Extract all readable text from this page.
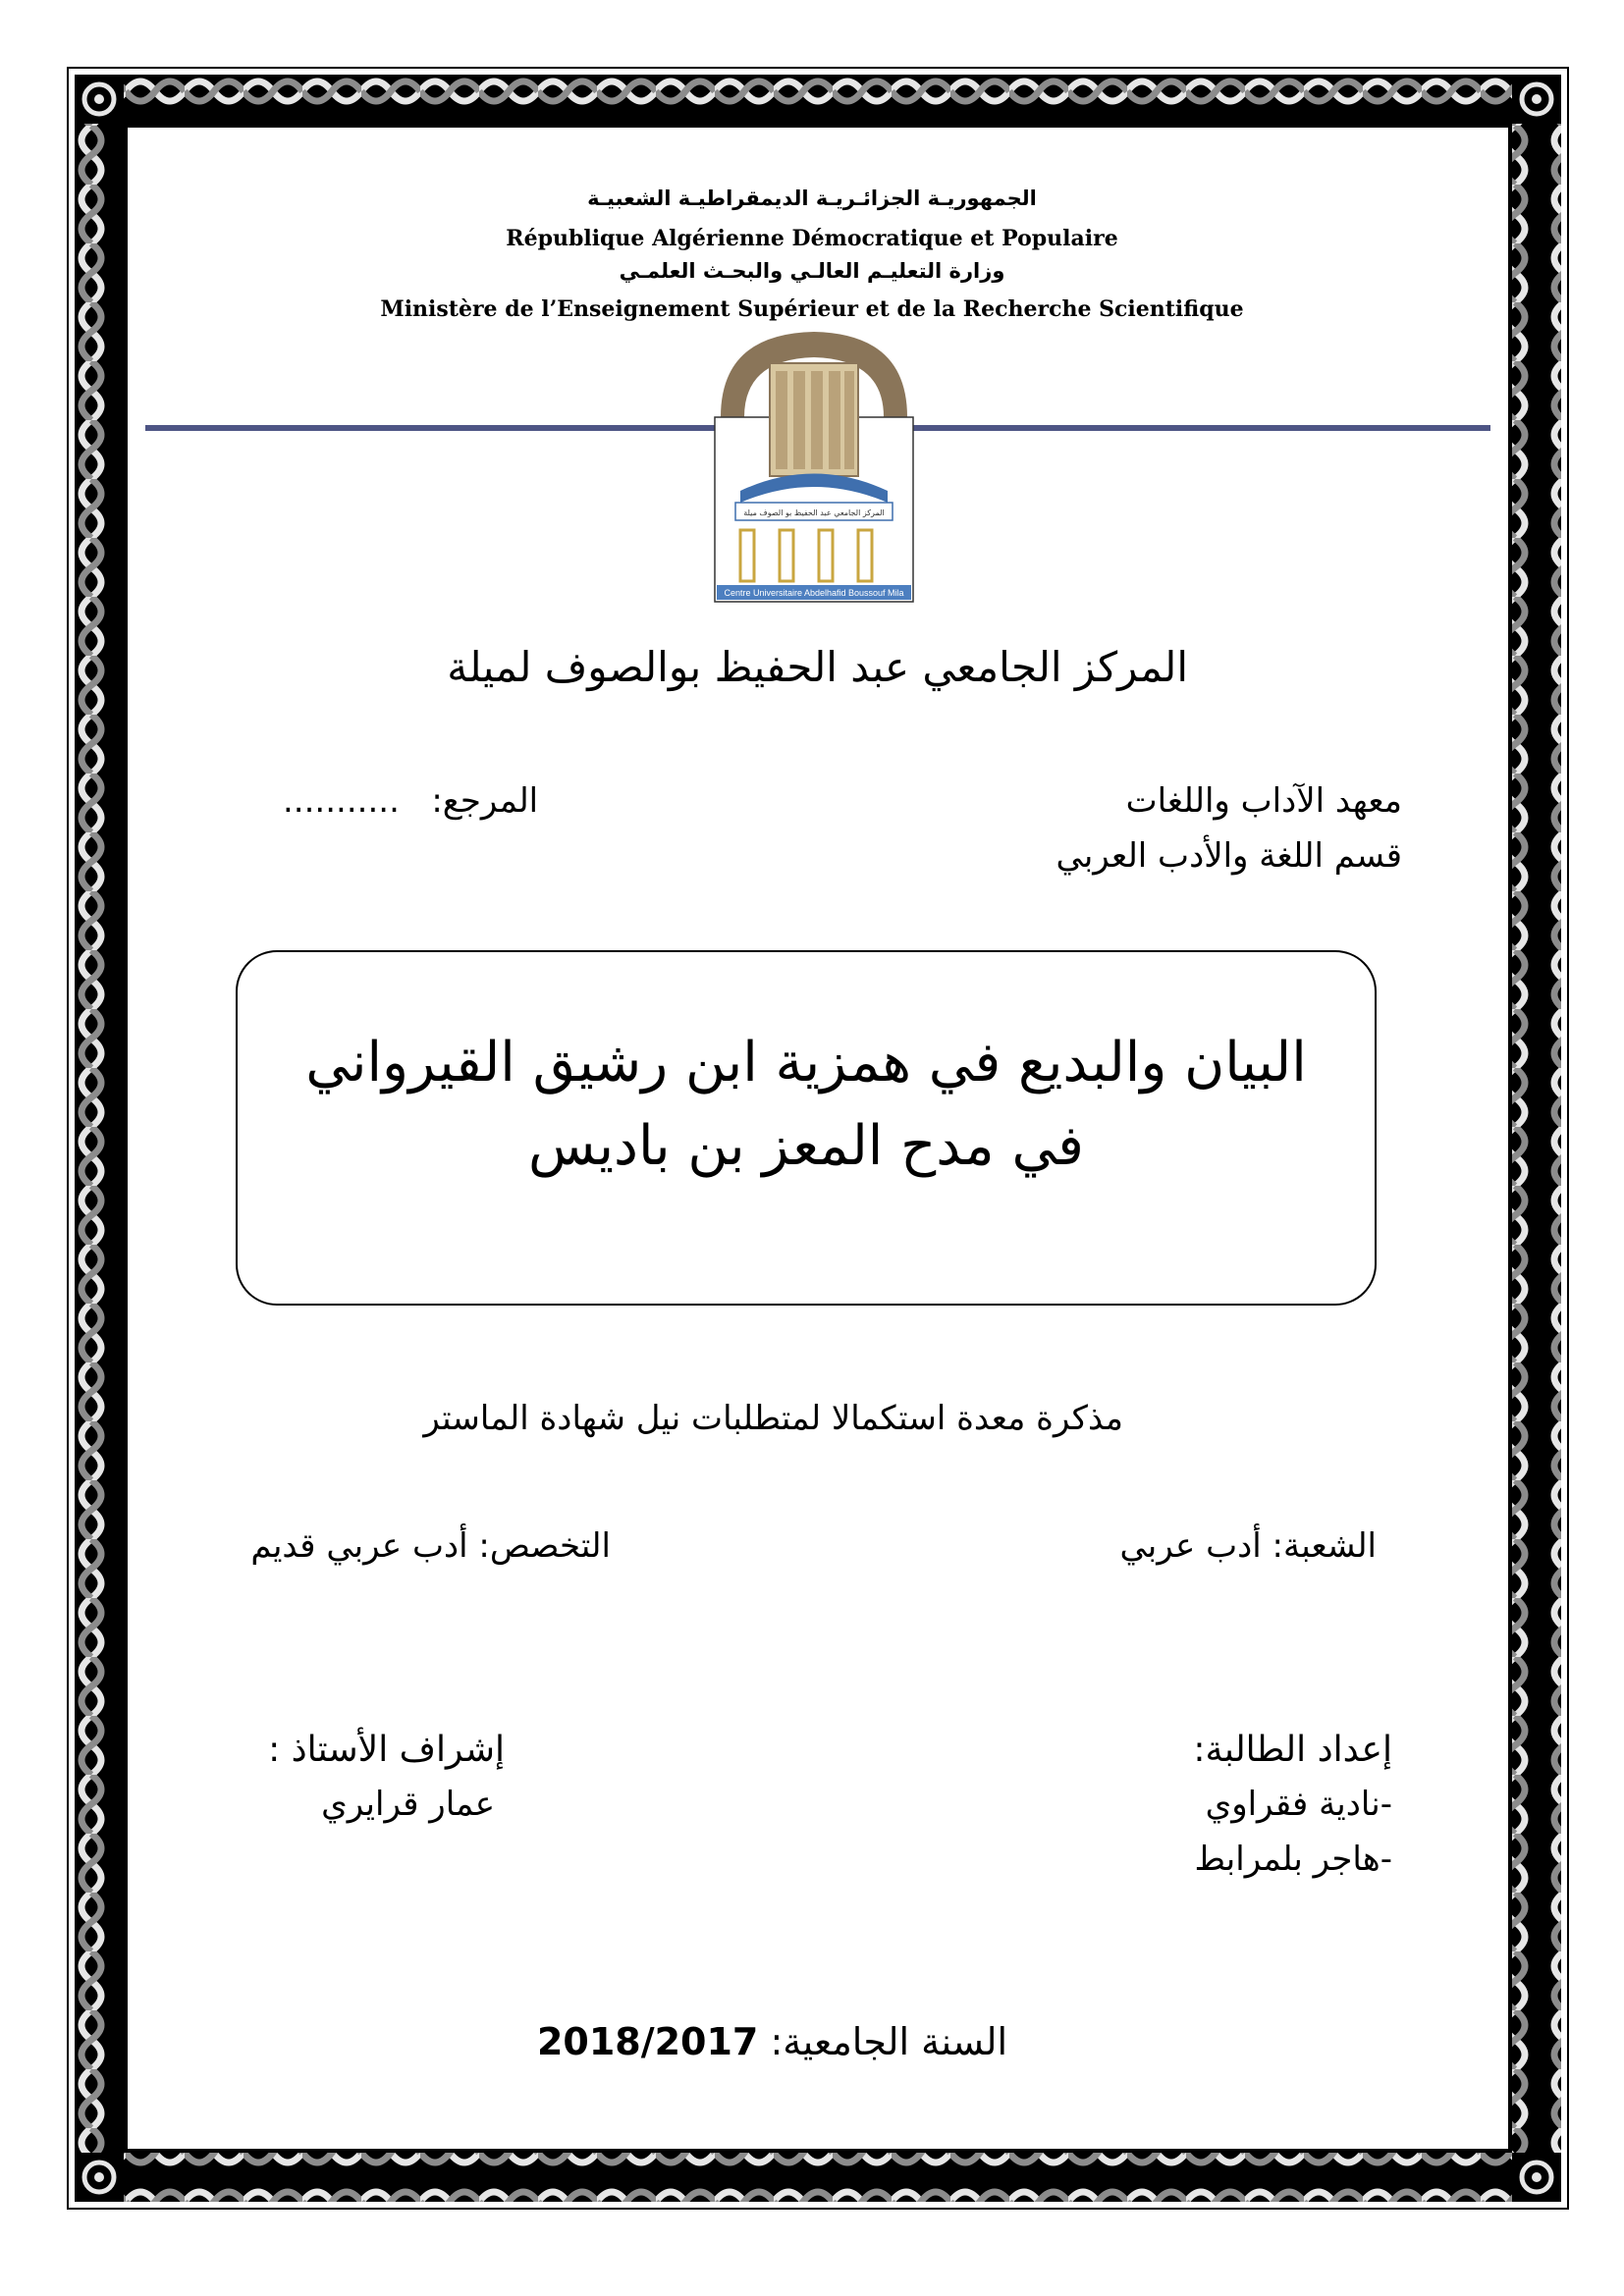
الجمهوريـة الجزائـريـة الديمقراطيـة الشعبيـة
République Algérienne Démocratique et Populaire
وزارة التعليـم العالـي والبحـث العلمـي
Ministère de l’Enseignement Supérieur et de la Recherche Scientifique
المركز الجامعي عبد الحفيظ بو الصوف ميلة
Centre Universitaire Abdelhafid Boussouf Mila
المركز الجامعي عبد الحفيظ بوالصوف لميلة
معهد الآداب واللغات
قسم اللغة والأدب العربي
المرجع:   ...........
البيان والبديع في همزية ابن رشيق القيرواني
في مدح المعز بن باديس
مذكرة معدة استكمالا لمتطلبات نيل شهادة الماستر
الشعبة: أدب عربي
التخصص: أدب عربي قديم
إعداد الطالبة:
-نادية فقراوي
-هاجر بلمرابط
إشراف الأستاذ :
عمار قرايري
السنة الجامعية: 2018/2017
